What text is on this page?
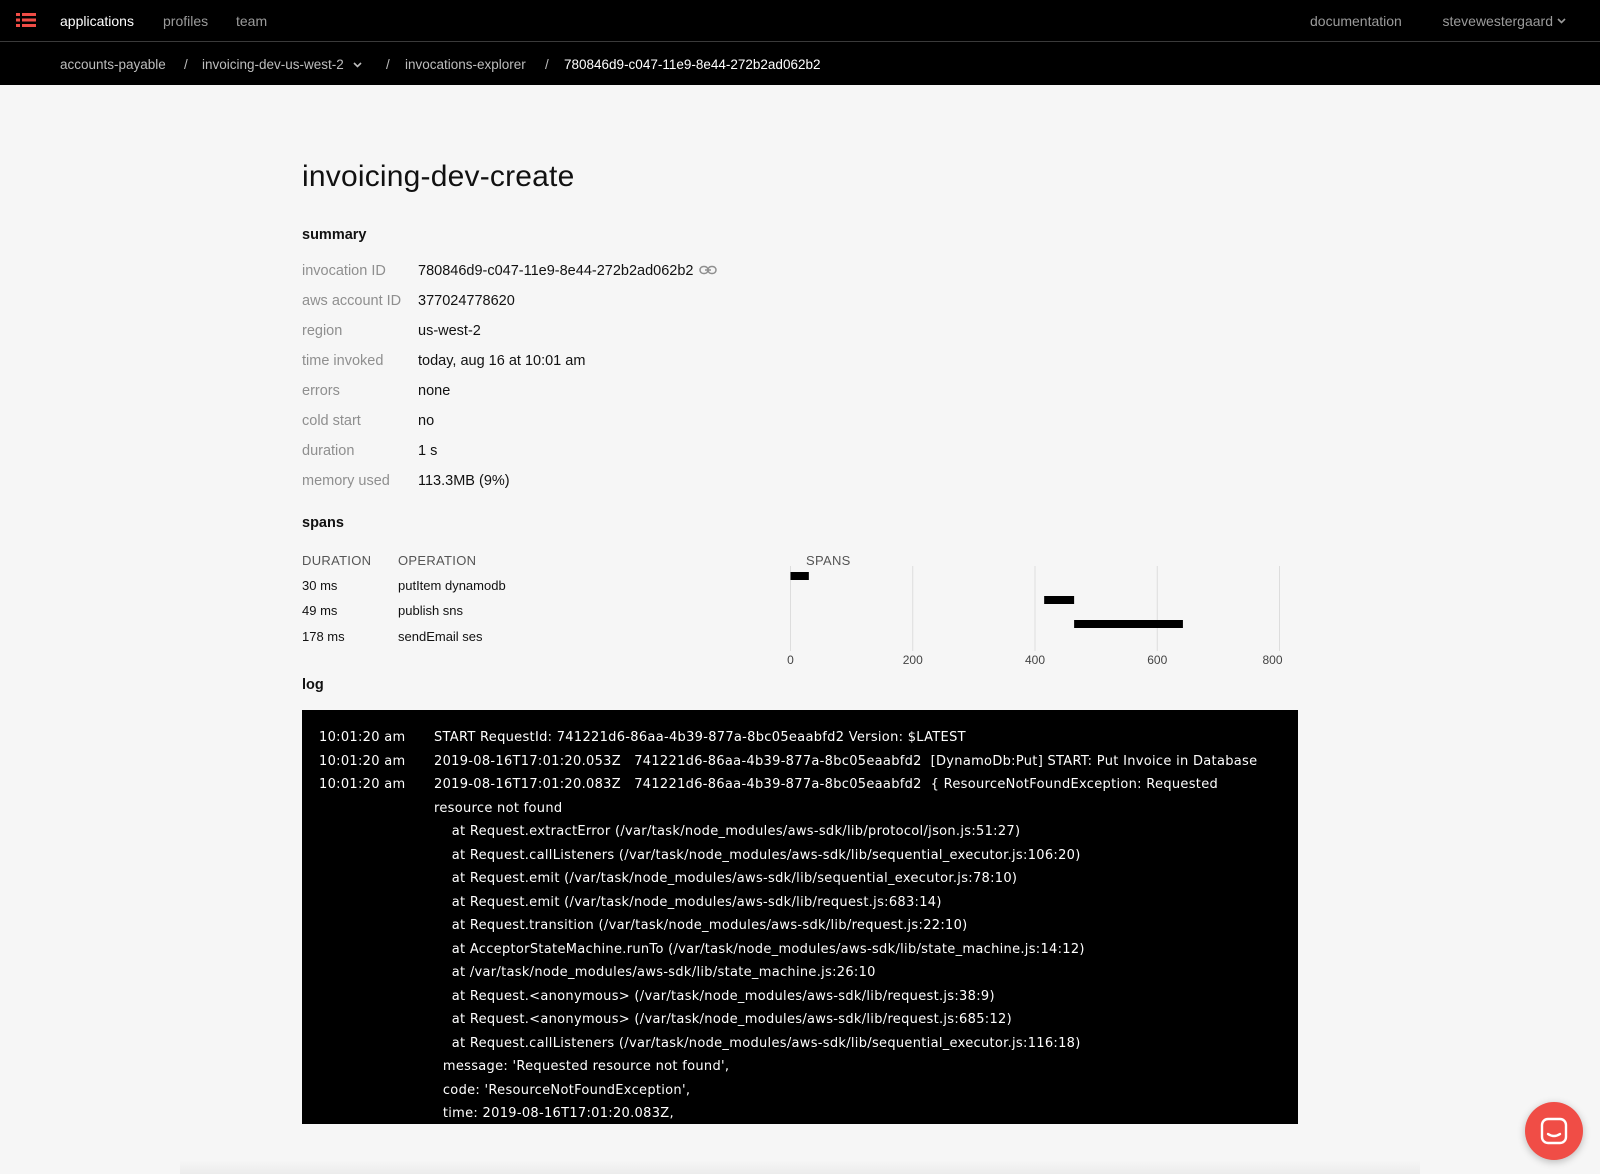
applications profiles team	documentation	stevewestergaard
accounts-payable / invoicing-dev-us-west-2	/ invocations-explorer / 780846d9-c047-11e9-8e44-272b2ad062b2
invoicing-dev-create
summary
invocation ID 780846d9-c047-11e9-8e44-272b2ad062b2
aws account ID 377024778620
region	us-west-2
time invoked today, aug 16 at 10:01 am
errors	none
cold start	no
duration	1 s
memory used 113.3MB (9%)
spans
DURATION OPERATION	SPANS
30 ms	putItem dynamodb
49 ms	publish sns
178 ms	sendEmail ses
0	200	400	600	800
log
10:01:20 am START RequestId: 741221d6-86aa-4b39-877a-8bc05eaabfd2 Version: $LATEST
10:01:20 am 2019-08-16T17:01:20.053Z   741221d6-86aa-4b39-877a-8bc05eaabfd2  [DynamoDb:Put] START: Put Invoice in Database
10:01:20 am 2019-08-16T17:01:20.083Z   741221d6-86aa-4b39-877a-8bc05eaabfd2  { ResourceNotFoundException: Requested
resource not found
at Request.extractError (/var/task/node_modules/aws-sdk/lib/protocol/json.js:51:27)
at Request.callListeners (/var/task/node_modules/aws-sdk/lib/sequential_executor.js:106:20)
at Request.emit (/var/task/node_modules/aws-sdk/lib/sequential_executor.js:78:10)
at Request.emit (/var/task/node_modules/aws-sdk/lib/request.js:683:14)
at Request.transition (/var/task/node_modules/aws-sdk/lib/request.js:22:10)
at AcceptorStateMachine.runTo (/var/task/node_modules/aws-sdk/lib/state_machine.js:14:12)
at /var/task/node_modules/aws-sdk/lib/state_machine.js:26:10
at Request.<anonymous> (/var/task/node_modules/aws-sdk/lib/request.js:38:9)
at Request.<anonymous> (/var/task/node_modules/aws-sdk/lib/request.js:685:12)
at Request.callListeners (/var/task/node_modules/aws-sdk/lib/sequential_executor.js:116:18)
message: 'Requested resource not found',
code: 'ResourceNotFoundException',
time: 2019-08-16T17:01:20.083Z,
